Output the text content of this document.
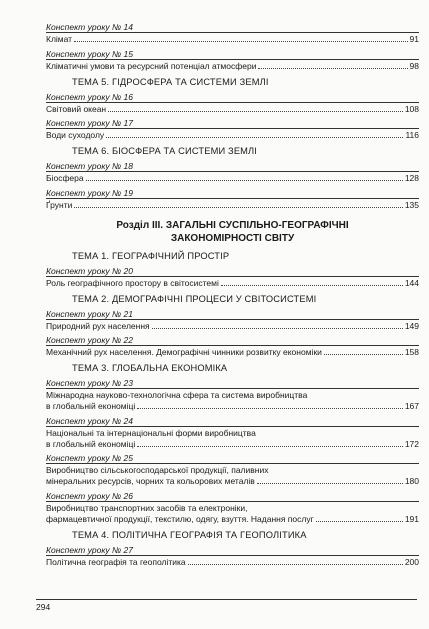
Конспект уроку № 14
Клімат	91
Конспект уроку № 15
Кліматичні умови та ресурсний потенціал атмосфери	98
ТЕМА 5. ГІДРОСФЕРА ТА СИСТЕМИ ЗЕМЛІ
Конспект уроку № 16
Світовий океан	108
Конспект уроку № 17
Води суходолу	116
ТЕМА 6. БІОСФЕРА ТА СИСТЕМИ ЗЕМЛІ
Конспект уроку № 18
Біосфера	128
Конспект уроку № 19
Ґрунти	135
Розділ III. ЗАГАЛЬНІ СУСПІЛЬНО-ГЕОГРАФІЧНІ
ЗАКОНОМІРНОСТІ СВІТУ
ТЕМА 1. ГЕОГРАФІЧНИЙ ПРОСТІР
Конспект уроку № 20
Роль географічного простору в світосистемі	144
ТЕМА 2. ДЕМОГРАФІЧНІ ПРОЦЕСИ У СВІТОСИСТЕМІ
Конспект уроку № 21
Природний рух населення	149
Конспект уроку № 22
Механічний рух населення. Демографічні чинники розвитку економіки	158
ТЕМА 3. ГЛОБАЛЬНА ЕКОНОМІКА
Конспект уроку № 23
Міжнародна науково-технологічна сфера та система виробництва
в глобальній економіці	167
Конспект уроку № 24
Національні та інтернаціональні форми виробництва
в глобальній економіці	172
Конспект уроку № 25
Виробництво сільськогосподарської продукції, паливних
мінеральних ресурсів, чорних та кольорових металів	180
Конспект уроку № 26
Виробництво транспортних засобів та електроніки,
фармацевтичної продукції, текстилю, одягу, взуття. Надання послуг	191
ТЕМА 4. ПОЛІТИЧНА ГЕОГРАФІЯ ТА ГЕОПОЛІТИКА
Конспект уроку № 27
Політична географія та геополітика	200
294
